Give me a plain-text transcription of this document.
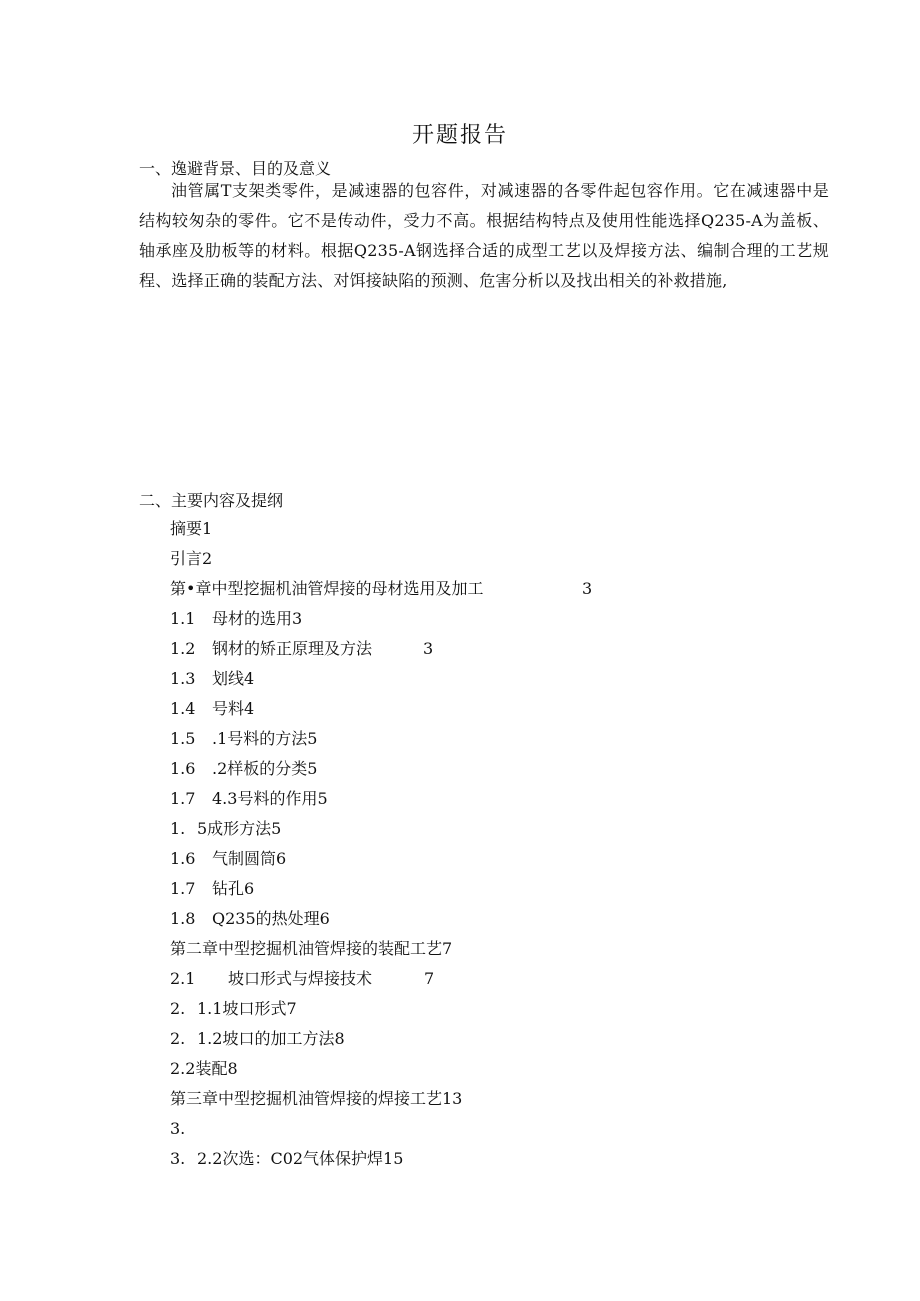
开题报告
一、逸避背景、目的及意义
油管属T支架类零件，是减速器的包容件，对减速器的各零件起包容作用。它在减速器中是结构较匆杂的零件。它不是传动件，受力不高。根据结构特点及使用性能选择Q235-A为盖板、轴承座及肋板等的材料。根据Q235-A钢选择合适的成型工艺以及焊接方法、编制合理的工艺规程、选择正确的装配方法、对饵接缺陷的预测、危害分析以及找出相关的补救措施,
二、主要内容及提纲
摘要1
引言2
第•章中型挖掘机油管焊接的母材选用及加工	3
1.1 母材的选用3
1.2 钢材的矫正原理及方法	3
1.3 划线4
1.4 号料4
1.5 .1号料的方法5
1.6 .2样板的分类5
1.7 4.3号料的作用5
1. 5成形方法5
1.6 气制圆筒6
1.7 钻孔6
1.8 Q235的热处理6
第二章中型挖掘机油管焊接的装配工艺7
2.1 坡口形式与焊接技术	7
2. 1.1坡口形式7
2. 1.2坡口的加工方法8
2.2装配8
第三章中型挖掘机油管焊接的焊接工艺13
3.
3. 2.2次选：C02气体保护焊15
